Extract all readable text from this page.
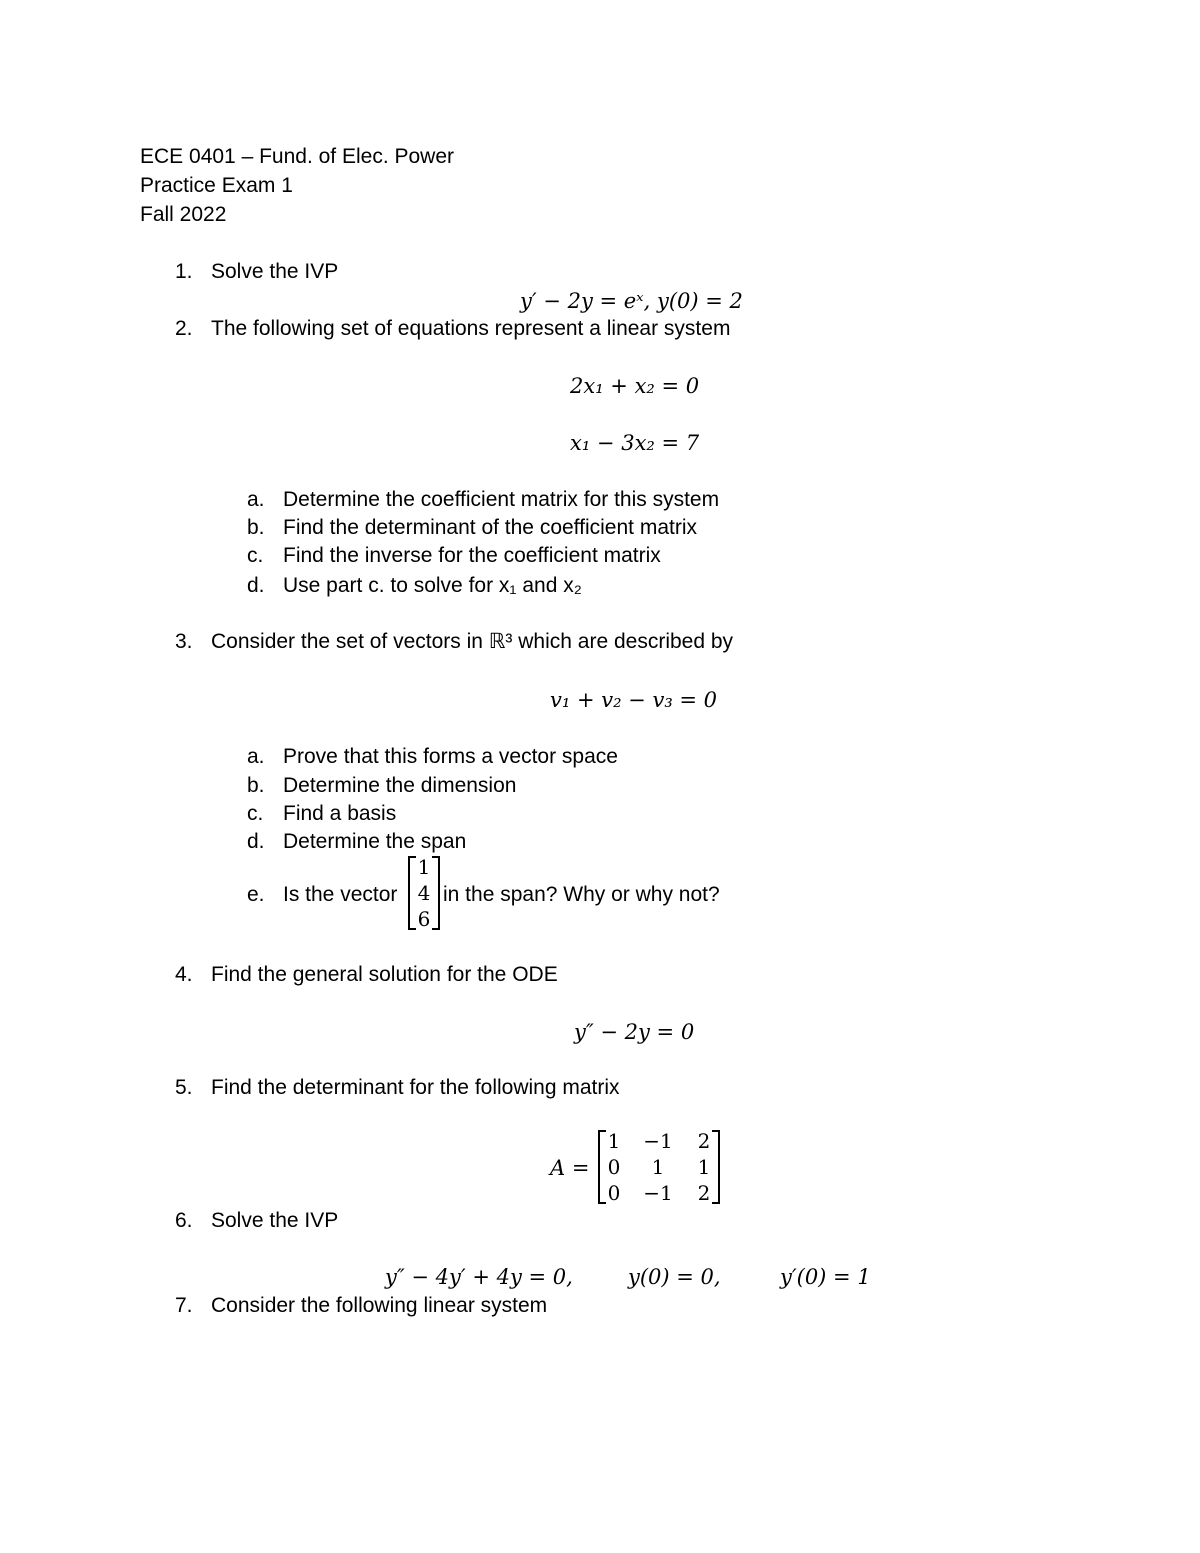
ECE 0401 – Fund. of Elec. Power
Practice Exam 1
Fall 2022
1. Solve the IVP
y′ − 2y = eˣ, y(0) = 2
2. The following set of equations represent a linear system
2x₁ + x₂ = 0
x₁ − 3x₂ = 7
a. Determine the coefficient matrix for this system
b. Find the determinant of the coefficient matrix
c. Find the inverse for the coefficient matrix
d. Use part c. to solve for x₁ and x₂
3. Consider the set of vectors in ℝ³ which are described by
v₁ + v₂ − v₃ = 0
a. Prove that this forms a vector space
b. Determine the dimension
c. Find a basis
d. Determine the span
e. Is the vector
1
4
6
in the span? Why or why not?
4. Find the general solution for the ODE
y″ − 2y = 0
5. Find the determinant for the following matrix
A =
1 −1 2
0	1	1
0 −1 2
6. Solve the IVP
y″ − 4y′ + 4y = 0,	y(0) = 0,	y′(0) = 1
7. Consider the following linear system
